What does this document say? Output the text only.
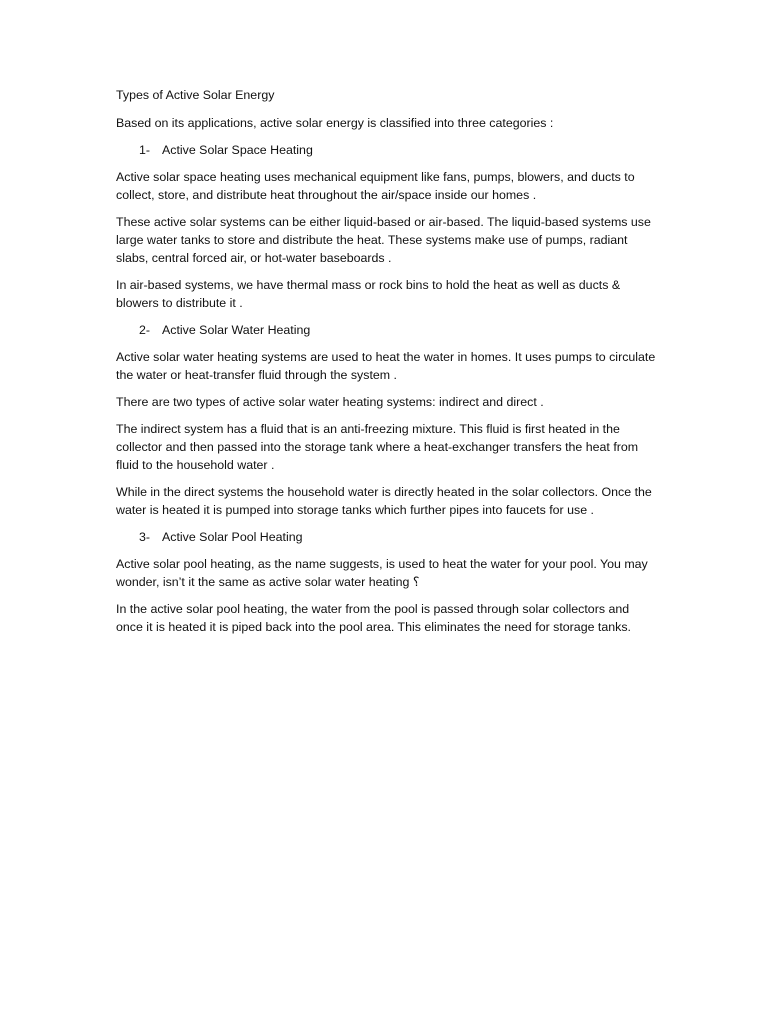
Types of Active Solar Energy

Based on its applications, active solar energy is classified into three categories :

1- Active Solar Space Heating

Active solar space heating uses mechanical equipment like fans, pumps, blowers, and ducts to collect, store, and distribute heat throughout the air/space inside our homes .

These active solar systems can be either liquid-based or air-based. The liquid-based systems use large water tanks to store and distribute the heat. These systems make use of pumps, radiant slabs, central forced air, or hot-water baseboards .

In air-based systems, we have thermal mass or rock bins to hold the heat as well as ducts & blowers to distribute it .

2- Active Solar Water Heating

Active solar water heating systems are used to heat the water in homes. It uses pumps to circulate the water or heat-transfer fluid through the system .

There are two types of active solar water heating systems: indirect and direct .

The indirect system has a fluid that is an anti-freezing mixture. This fluid is first heated in the collector and then passed into the storage tank where a heat-exchanger transfers the heat from fluid to the household water .

While in the direct systems the household water is directly heated in the solar collectors. Once the water is heated it is pumped into storage tanks which further pipes into faucets for use .

3- Active Solar Pool Heating

Active solar pool heating, as the name suggests, is used to heat the water for your pool. You may wonder, isn’t it the same as active solar water heating ؟

In the active solar pool heating, the water from the pool is passed through solar collectors and once it is heated it is piped back into the pool area. This eliminates the need for storage tanks.
